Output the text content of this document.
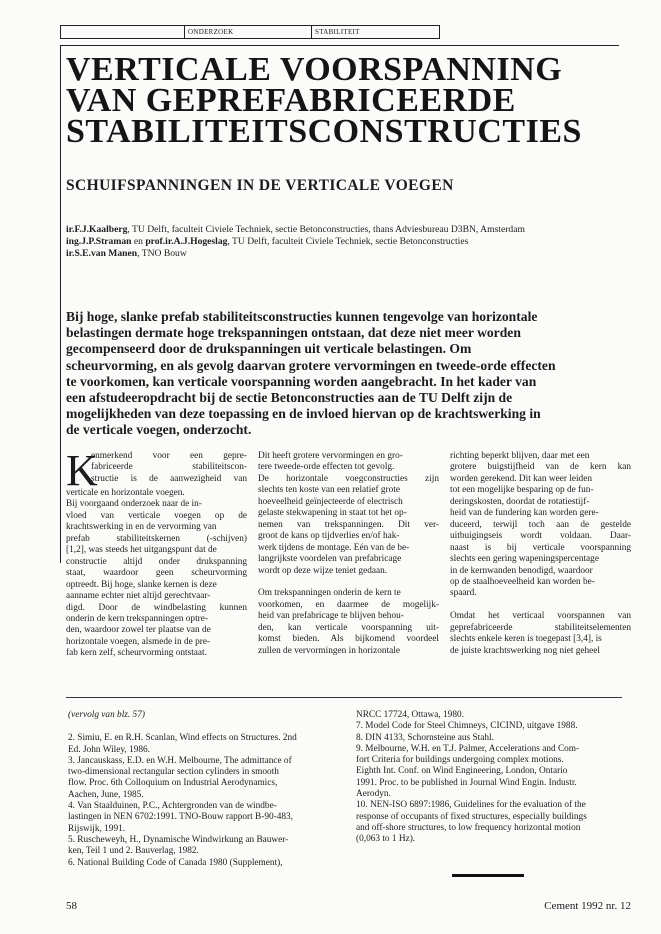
ONDERZOEK	STABILITEIT
VERTICALE VOORSPANNING
VAN GEPREFABRICEERDE
STABILITEITSCONSTRUCTIES
SCHUIFSPANNINGEN IN DE VERTICALE VOEGEN
ir.F.J.Kaalberg, TU Delft, faculteit Civiele Techniek, sectie Betonconstructies, thans Adviesbureau D3BN, Amsterdam
ing.J.P.Straman en prof.ir.A.J.Hogeslag, TU Delft, faculteit Civiele Techniek, sectie Betonconstructies
ir.S.E.van Manen, TNO Bouw
Bij hoge, slanke prefab stabiliteitsconstructies kunnen tengevolge van horizontale
belastingen dermate hoge trekspanningen ontstaan, dat deze niet meer worden
gecompenseerd door de drukspanningen uit verticale belastingen. Om
scheurvorming, en als gevolg daarvan grotere vervormingen en tweede-orde effecten
te voorkomen, kan verticale voorspanning worden aangebracht. In het kader van
een afstudeeropdracht bij de sectie Betonconstructies aan de TU Delft zijn de
mogelijkheden van deze toepassing en de invloed hiervan op de krachtswerking in
de verticale voegen, onderzocht.
K
enmerkend voor een gepre-
fabriceerde stabiliteitscon-
structie is de aanwezigheid van
verticale en horizontale voegen.
Bij voorgaand onderzoek naar de in-
vloed van verticale voegen op de
krachtswerking in en de vervorming van
prefab stabiliteitskernen (-schijven)
[1,2], was steeds het uitgangspunt dat de
constructie altijd onder drukspanning
staat, waardoor geen scheurvorming
optreedt. Bij hoge, slanke kernen is deze
aanname echter niet altijd gerechtvaar-
digd. Door de windbelasting kunnen
onderin de kern trekspanningen optre-
den, waardoor zowel ter plaatse van de
horizontale voegen, alsmede in de pre-
fab kern zelf, scheurvorming ontstaat.
Dit heeft grotere vervormingen en gro-
tere tweede-orde effecten tot gevolg.
De horizontale voegconstructies zijn
slechts ten koste van een relatief grote
hoeveelheid geïnjecteerde of electrisch
gelaste stekwapening in staat tot het op-
nemen van trekspanningen. Dit ver-
groot de kans op tijdverlies en/of hak-
werk tijdens de montage. Eén van de be-
langrijkste voordelen van prefabricage
wordt op deze wijze teniet gedaan.
Om trekspanningen onderin de kern te
voorkomen, en daarmee de mogelijk-
heid van prefabricage te blijven behou-
den, kan verticale voorspanning uit-
komst bieden. Als bijkomend voordeel
zullen de vervormingen in horizontale
richting beperkt blijven, daar met een
grotere buigstijfheid van de kern kan
worden gerekend. Dit kan weer leiden
tot een mogelijke besparing op de fun-
deringskosten, doordat de rotatiestijf-
heid van de fundering kan worden gere-
duceerd, terwijl toch aan de gestelde
uitbuigingseis wordt voldaan. Daar-
naast is bij verticale voorspanning
slechts een gering wapeningspercentage
in de kernwanden benodigd, waardoor
op de staalhoeveelheid kan worden be-
spaard.
Omdat het verticaal voorspannen van
geprefabriceerde stabiliteitselementen
slechts enkele keren is toegepast [3,4], is
de juiste krachtswerking nog niet geheel
(vervolg van blz. 57)
2. Simiu, E. en R.H. Scanlan, Wind effects on Structures. 2nd
Ed. John Wiley, 1986.
3. Jancauskass, E.D. en W.H. Melbourne, The admittance of
two-dimensional rectangular section cylinders in smooth
flow. Proc. 6th Colloquium on Industrial Aerodynamics,
Aachen, June, 1985.
4. Van Staalduinen, P.C., Achtergronden van de windbe-
lastingen in NEN 6702:1991. TNO-Bouw rapport B-90-483,
Rijswijk, 1991.
5. Ruscheweyh, H., Dynamische Windwirkung an Bauwer-
ken, Teil 1 und 2. Bauverlag, 1982.
6. National Building Code of Canada 1980 (Supplement),
NRCC 17724, Ottawa, 1980.
7. Model Code for Steel Chimneys, CICIND, uitgave 1988.
8. DIN 4133, Schornsteine aus Stahl.
9. Melbourne, W.H. en T.J. Palmer, Accelerations and Com-
fort Criteria for buildings undergoing complex motions.
Eighth Int. Conf. on Wind Engineering, London, Ontario
1991. Proc. to be published in Journal Wind Engin. Industr.
Aerodyn.
10. NEN-ISO 6897:1986, Guidelines for the evaluation of the
response of occupants of fixed structures, especially buildings
and off-shore structures, to low frequency horizontal motion
(0,063 to 1 Hz).
58	Cement 1992 nr. 12
